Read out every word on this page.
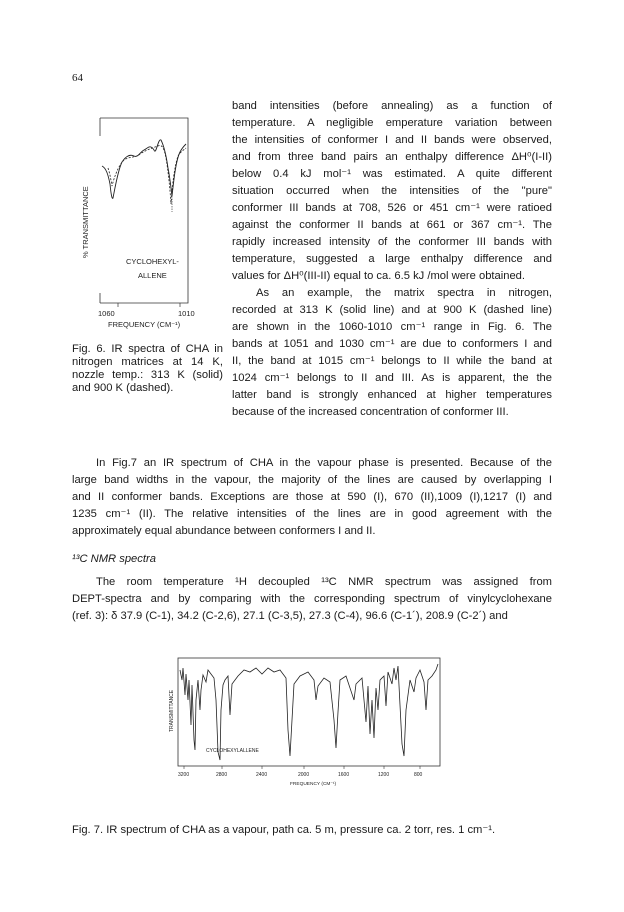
64
% TRANSMITTANCE
CYCLOHEXYL-
ALLENE
1060	1010
FREQUENCY (CM⁻¹)
Fig. 6. IR spectra of CHA in nitrogen matrices at 14 K, nozzle temp.: 313 K (solid) and 900 K (dashed).
band intensities (before annealing) as a function of
temperature. A negligible emperature variation between
the intensities of conformer I and II bands were observed,
and from three band pairs an enthalpy difference ΔH⁰(I-II)
below 0.4 kJ mol⁻¹ was estimated. A quite different
situation occurred when the intensities of the "pure"
conformer III bands at 708, 526 or 451 cm⁻¹ were ratioed
against the conformer II bands at 661 or 367 cm⁻¹. The
rapidly increased intensity of the conformer III bands with
temperature, suggested a large enthalpy difference and
values for ΔH⁰(III-II) equal to ca. 6.5 kJ /mol were obtained.
As an example, the matrix spectra in nitrogen,
recorded at 313 K (solid line) and at 900 K (dashed line)
are shown in the 1060-1010 cm⁻¹ range in Fig. 6. The
bands at 1051 and 1030 cm⁻¹ are due to conformers I and
II, the band at 1015 cm⁻¹ belongs to II while the band at
1024 cm⁻¹ belongs to II and III. As is apparent, the the
latter band is strongly enhanced at higher temperatures
because of the increased concentration of conformer III.
In Fig.7 an IR spectrum of CHA in the vapour phase is presented. Because of the
large band widths in the vapour, the majority of the lines are caused by overlapping I
and II conformer bands. Exceptions are those at 590 (I), 670 (II),1009 (I),1217 (I) and
1235 cm⁻¹ (II). The relative intensities of the lines are in good agreement with the
approximately equal abundance between conformers I and II.
¹³C NMR spectra
The room temperature ¹H decoupled ¹³C NMR spectrum was assigned from
DEPT-spectra and by comparing with the corresponding spectrum of vinylcyclohexane
(ref. 3): δ 37.9 (C-1), 34.2 (C-2,6), 27.1 (C-3,5), 27.3 (C-4), 96.6 (C-1´), 208.9 (C-2´) and
TRANSMITTANCE
CYCLOHEXYLALLENE
3200	2800	2400	2000	1600	1200	800
FREQUENCY (CM⁻¹)
Fig. 7. IR spectrum of CHA as a vapour, path ca. 5 m, pressure ca. 2 torr, res. 1 cm⁻¹.
